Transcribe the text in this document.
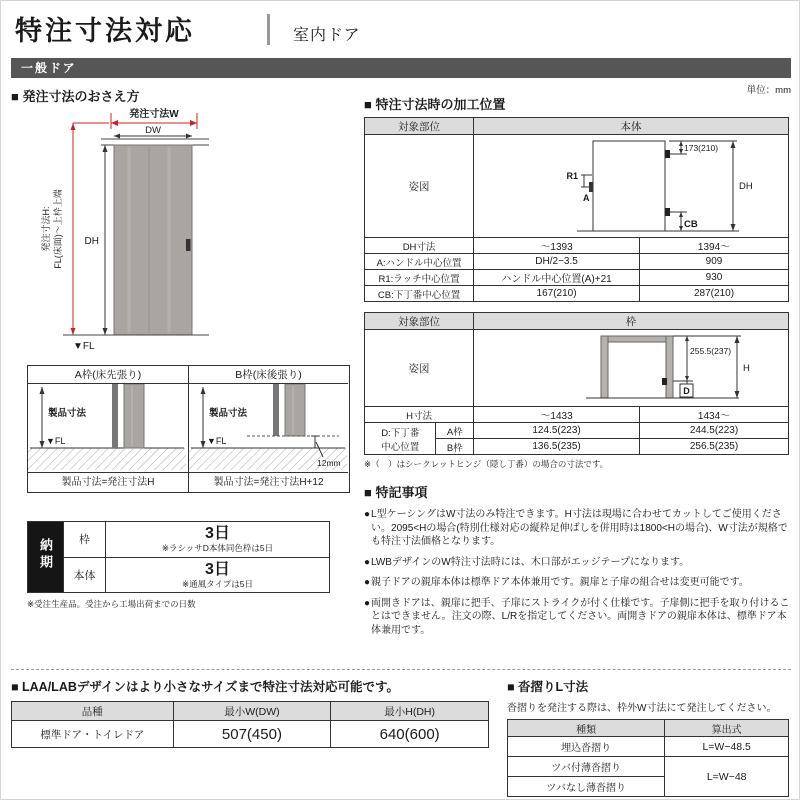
特注寸法対応	室内ドア
一般ドア
■ 発注寸法のおさえ方
発注寸法W
DW
DH
発注寸法H: FL(床面)〜上枠上端
▼FL
A枠(床先張り)
製品寸法
▼FL
製品寸法=発注寸法H
B枠(床後張り)
12mm
製品寸法
▼FL
製品寸法=発注寸法H+12
納期	枠	3日
※ラシッサD本体同色枠は5日

	本体	3日
※通風タイプは5日
※受注生産品。受注から工場出荷までの日数
単位：mm
■ 特注寸法時の加工位置
対象部位	本体	
姿図	173(210)
DH
R1
A
CB	

DH寸法	〜1393	1394〜
A:ハンドル中心位置	DH/2−3.5	909
R1:ラッチ中心位置	ハンドル中心位置(A)+21	930
CB:下丁番中心位置	167(210)	287(210)
対象部位		枠	
姿図		255.5(237)
D
H	

H寸法		〜1433	1434〜

D:下丁番
中心位置	A枠	124.5(223)	244.5(223)
	B枠	136.5(235)	256.5(235)
※（　）はシークレットヒンジ（隠し丁番）の場合の寸法です。
■ 特記事項
● L型ケーシングはW寸法のみ特注できます。H寸法は現場に合わせてカットしてご使用ください。2095<Hの場合(特別仕様対応の縦枠足伸ばしを併用時は1800<Hの場合)、W寸法が規格でも特注寸法価格となります。
● LWBデザインのW特注寸法時には、木口部がエッジテープになります。
● 親子ドアの親扉本体は標準ドア本体兼用です。親扉と子扉の組合せは変更可能です。
● 両開きドアは、親扉に把手、子扉にストライクが付く仕様です。子扉側に把手を取り付けることはできません。注文の際、L/Rを指定してください。両開きドアの親扉本体は、標準ドア本体兼用です。
■ LAA/LABデザインはより小さなサイズまで特注寸法対応可能です。
品種	最小W(DW)	最小H(DH)
標準ドア・トイレドア	507(450)	640(600)
■ 沓摺りL寸法
沓摺りを発注する際は、枠外W寸法にて発注してください。
種類	算出式
埋込沓摺り	L=W−48.5
ツバ付薄沓摺り	L=W−48
ツバなし薄沓摺り	
